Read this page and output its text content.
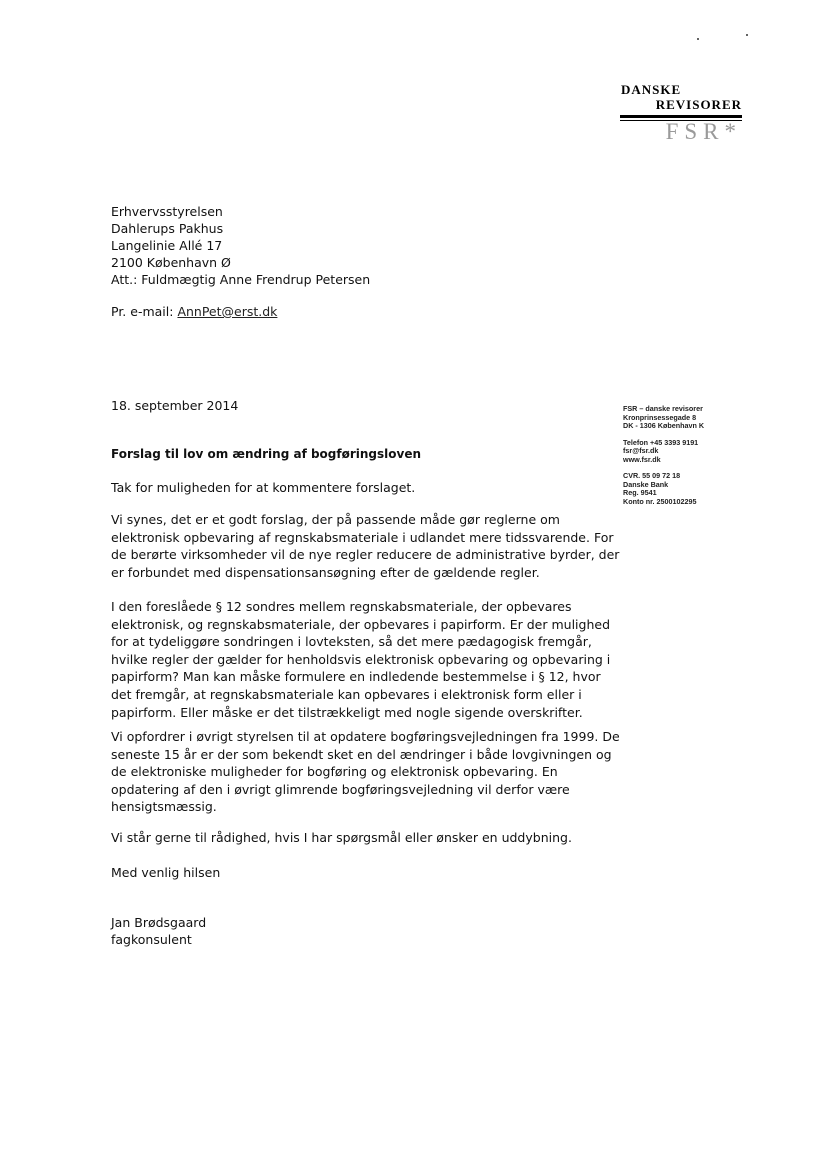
DANSKE
REVISORER
FSR*
Erhvervsstyrelsen
Dahlerups Pakhus
Langelinie Allé 17
2100 København Ø
Att.: Fuldmægtig Anne Frendrup Petersen
Pr. e-mail: AnnPet@erst.dk
18. september 2014	FSR – danske revisorer
Kronprinsessegade 8
DK - 1306 København K
Telefon +45 3393 9191
fsr@fsr.dk
www.fsr.dk
CVR. 55 09 72 18
Danske Bank
Reg. 9541
Konto nr. 2500102295
Forslag til lov om ændring af bogføringsloven
Tak for muligheden for at kommentere forslaget.
Vi synes, det er et godt forslag, der på passende måde gør reglerne om
elektronisk opbevaring af regnskabsmateriale i udlandet mere tidssvarende. For
de berørte virksomheder vil de nye regler reducere de administrative byrder, der
er forbundet med dispensationsansøgning efter de gældende regler.
I den foreslåede § 12 sondres mellem regnskabsmateriale, der opbevares
elektronisk, og regnskabsmateriale, der opbevares i papirform. Er der mulighed
for at tydeliggøre sondringen i lovteksten, så det mere pædagogisk fremgår,
hvilke regler der gælder for henholdsvis elektronisk opbevaring og opbevaring i
papirform? Man kan måske formulere en indledende bestemmelse i § 12, hvor
det fremgår, at regnskabsmateriale kan opbevares i elektronisk form eller i
papirform. Eller måske er det tilstrækkeligt med nogle sigende overskrifter.
Vi opfordrer i øvrigt styrelsen til at opdatere bogføringsvejledningen fra 1999. De
seneste 15 år er der som bekendt sket en del ændringer i både lovgivningen og
de elektroniske muligheder for bogføring og elektronisk opbevaring. En
opdatering af den i øvrigt glimrende bogføringsvejledning vil derfor være
hensigtsmæssig.
Vi står gerne til rådighed, hvis I har spørgsmål eller ønsker en uddybning.
Med venlig hilsen
Jan Brødsgaard
fagkonsulent
